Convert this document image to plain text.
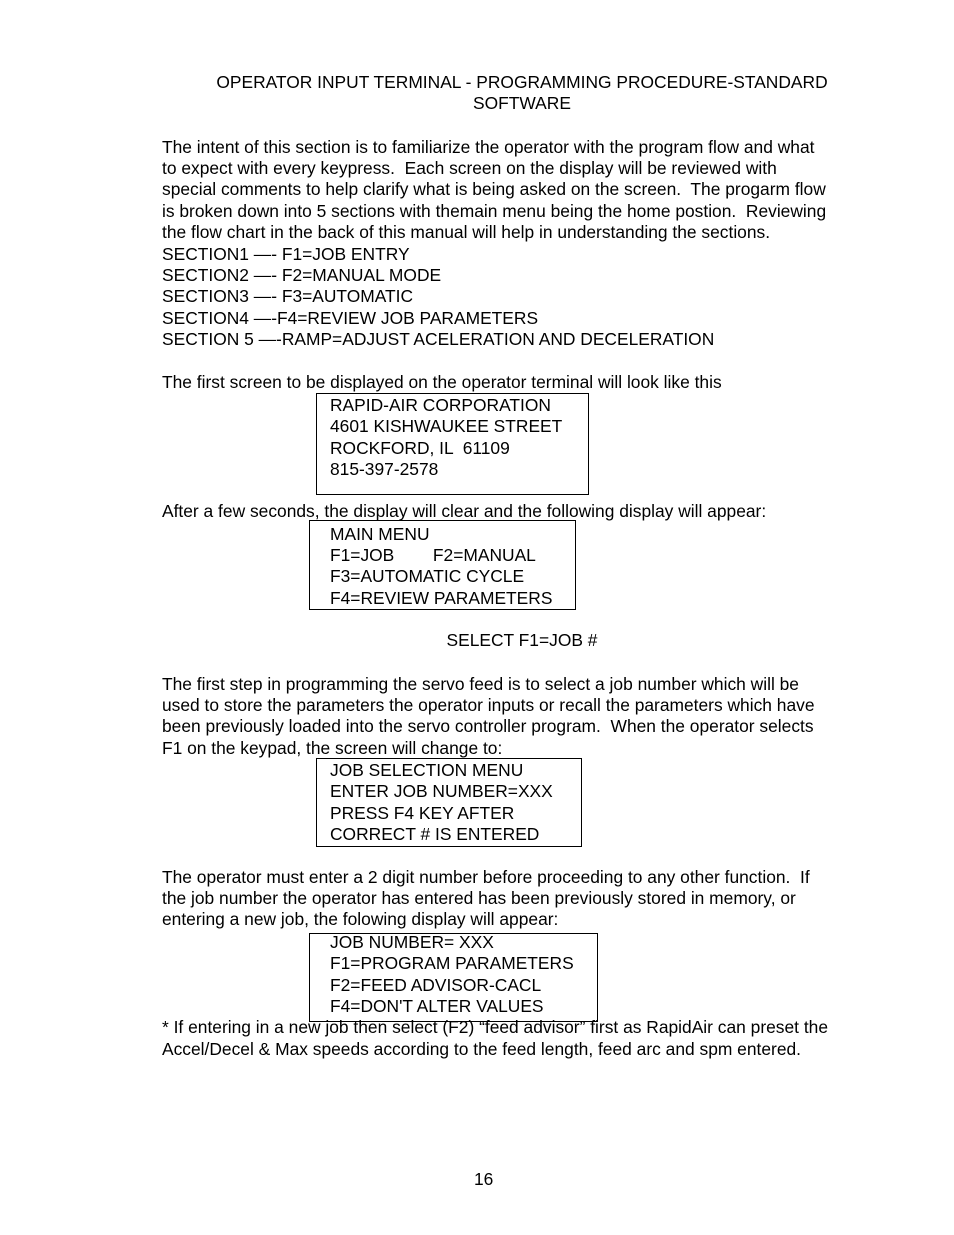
OPERATOR INPUT TERMINAL - PROGRAMMING PROCEDURE-STANDARD
SOFTWARE
The intent of this section is to familiarize the operator with the program flow and what
to expect with every keypress.  Each screen on the display will be reviewed with
special comments to help clarify what is being asked on the screen.  The progarm flow
is broken down into 5 sections with themain menu being the home postion.  Reviewing
the flow chart in the back of this manual will help in understanding the sections.
SECTION1 —- F1=JOB ENTRY
SECTION2 —- F2=MANUAL MODE
SECTION3 —- F3=AUTOMATIC
SECTION4 —-F4=REVIEW JOB PARAMETERS
SECTION 5 —-RAMP=ADJUST ACELERATION AND DECELERATION
The first screen to be displayed on the operator terminal will look like this
RAPID-AIR CORPORATION
4601 KISHWAUKEE STREET
ROCKFORD, IL  61109
815-397-2578
After a few seconds, the display will clear and the following display will appear:
MAIN MENU
F1=JOB        F2=MANUAL
F3=AUTOMATIC CYCLE
F4=REVIEW PARAMETERS
SELECT F1=JOB #
The first step in programming the servo feed is to select a job number which will be
used to store the parameters the operator inputs or recall the parameters which have
been previously loaded into the servo controller program.  When the operator selects
F1 on the keypad, the screen will change to:
JOB SELECTION MENU
ENTER JOB NUMBER=XXX
PRESS F4 KEY AFTER
CORRECT # IS ENTERED
The operator must enter a 2 digit number before proceeding to any other function.  If
the job number the operator has entered has been previously stored in memory, or
entering a new job, the folowing display will appear:
JOB NUMBER= XXX
F1=PROGRAM PARAMETERS
F2=FEED ADVISOR-CACL
F4=DON'T ALTER VALUES
* If entering in a new job then select (F2) “feed advisor” first as RapidAir can preset the
Accel/Decel & Max speeds according to the feed length, feed arc and spm entered.
16
